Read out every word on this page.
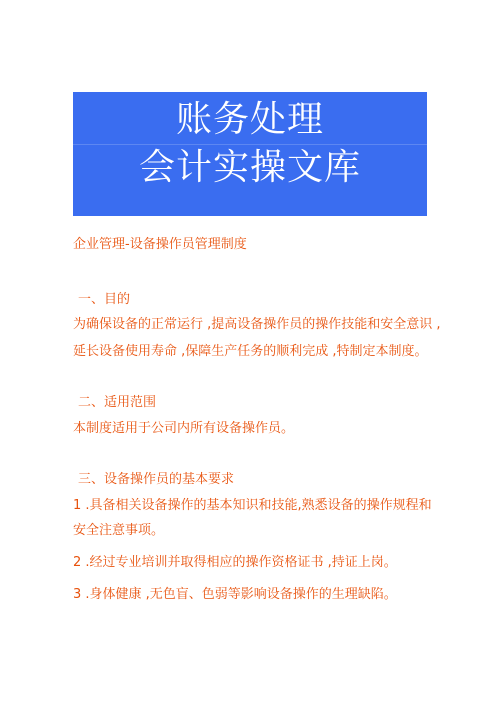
账务处理
会计实操文库
企业管理-设备操作员管理制度
一、目的
为确保设备的正常运行 ,提高设备操作员的操作技能和安全意识 ,
延长设备使用寿命 ,保障生产任务的顺利完成 ,特制定本制度。
二、适用范围
本制度适用于公司内所有设备操作员。
三、设备操作员的基本要求
1 .具备相关设备操作的基本知识和技能,熟悉设备的操作规程和
安全注意事项。
2 .经过专业培训并取得相应的操作资格证书 ,持证上岗。
3 .身体健康 ,无色盲、色弱等影响设备操作的生理缺陷。
